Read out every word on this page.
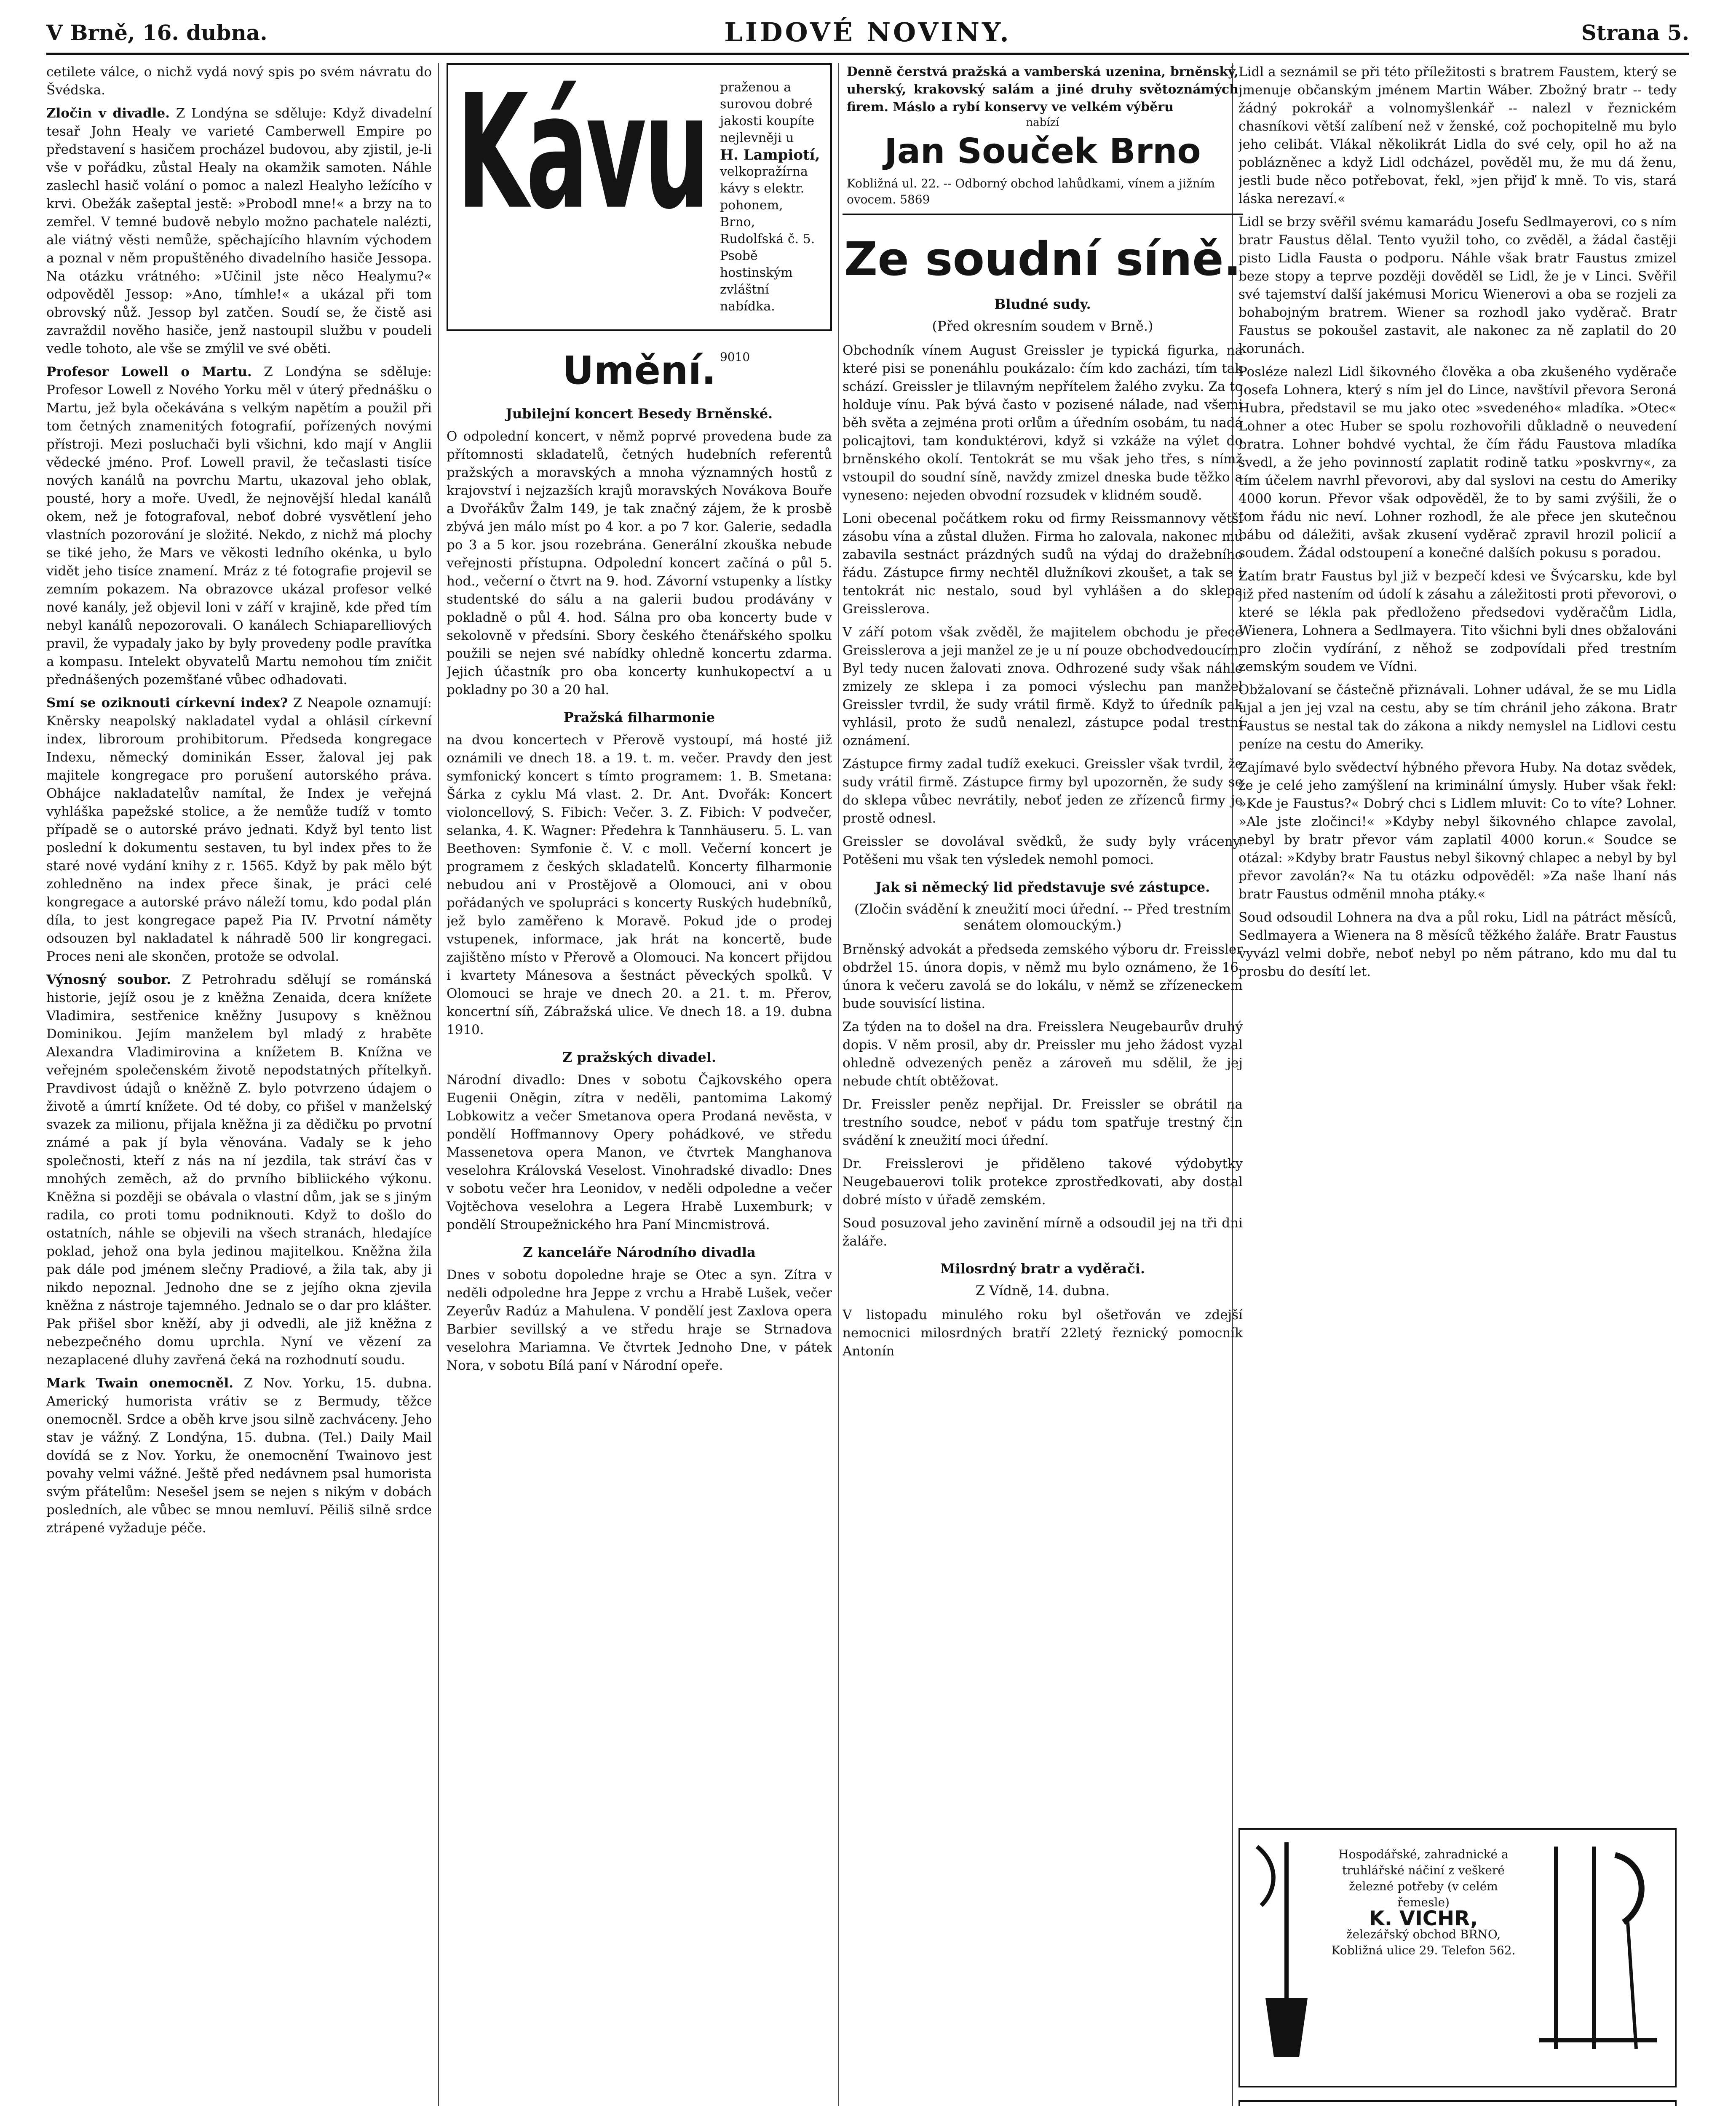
V Brně, 16. dubna.	LIDOVÉ NOVINY.	Strana 5.

cetilete válce, o nichž vydá nový spis po svém návratu do Švédska.

Zločin v divadle. Z Londýna se sděluje: Když divadelní tesař John Healy ve varieté Camberwell Empire po představení s hasičem procházel budovou, aby zjistil, je-li vše v pořádku, zůstal Healy na okamžik samoten. Náhle zaslechl hasič volání o pomoc a nalezl Healyho ležícího v krvi. Obežák zašeptal jestě: »Probodl mne!« a brzy na to zemřel. V temné budově nebylo možno pachatele nalézti, ale viátný věsti nemůže, spěchajícího hlavním východem a poznal v něm propuštěného divadelního hasiče Jessopa. Na otázku vrátného: »Učinil jste něco Healymu?« odpověděl Jessop: »Ano, tímhle!« a ukázal při tom obrovský nůž. Jessop byl zatčen. Soudí se, že čistě asi zavraždil nověho hasiče, jenž nastoupil službu v poudeli vedle tohoto, ale vše se zmýlil ve své oběti.

Profesor Lowell o Martu. Z Londýna se sděluje: Profesor Lowell z Nového Yorku měl v úterý přednášku o Martu, jež byla očekávána s velkým napětím a použil při tom četných znamenitých fotografií, pořízených novými přístroji. Mezi posluchači byli všichni, kdo mají v Anglii vědecké jméno. Prof. Lowell pravil, že tečaslasti tisíce nových kanálů na povrchu Martu, ukazoval jeho oblak, pousté, hory a moře. Uvedl, že nejnovější hledal kanálů okem, než je fotografoval, neboť dobré vysvětlení jeho vlastních pozorování je složité. Nekdo, z nichž má plochy se tiké jeho, že Mars ve věkosti ledního okénka, u bylo vidět jeho tisíce znamení. Mráz z té fotografie projevil se zemním pokazem. Na obrazovce ukázal profesor velké nové kanály, jež objevil loni v září v krajině, kde před tím nebyl kanálů nepozorovali. O kanálech Schiaparelliových pravil, že vypadaly jako by byly provedeny podle pravítka a kompasu. Intelekt obyvatelů Martu nemohou tím zničit přednášených pozemšťané vůbec odhadovati.

Smí se oziknouti církevní index? Z Neapole oznamují: Kněrsky neapolský nakladatel vydal a ohlásil církevní index, libroroum prohibitorum. Předseda kongregace Indexu, německý dominikán Esser, žaloval jej pak majitele kongregace pro porušení autorského práva. Obhájce nakladatelův namítal, že Index je veřejná vyhláška papežské stolice, a že nemůže tudíž v tomto případě se o autorské právo jednati. Když byl tento list poslední k dokumentu sestaven, tu byl index přes to že staré nové vydání knihy z r. 1565. Když by pak mělo být zohledněno na index přece šinak, je práci celé kongregace a autorské právo náleží tomu, kdo podal plán díla, to jest kongregace papež Pia IV. Prvotní náměty odsouzen byl nakladatel k náhradě 500 lir kongregaci. Proces neni ale skončen, protože se odvolal.

Výnosný soubor. Z Petrohradu sdělují se románská historie, jejíž osou je z kněžna Zenaida, dcera knížete Vladimira, sestřenice kněžny Jusupovy s kněžnou Dominikou. Jejím manželem byl mladý z hraběte Alexandra Vladimirovina a knížetem B. Knížna ve veřejném společenském životě nepodstatných přítelkyň. Pravdivost údajů o kněžně Z. bylo potvrzeno údajem o životě a úmrtí knížete. Od té doby, co přišel v manželský svazek za milionu, přijala kněžna ji za dědičku po prvotní známé a pak jí byla věnována. Vadaly se k jeho společnosti, kteří z nás na ní jezdila, tak stráví čas v mnohých zeměch, až do prvního bibliického výkonu. Kněžna si později se obávala o vlastní dům, jak se s jiným radila, co proti tomu podniknouti. Když to došlo do ostatních, náhle se objevili na všech stranách, hledajíce poklad, jehož ona byla jedinou majitelkou. Kněžna žila pak dále pod jménem slečny Pradiové, a žila tak, aby ji nikdo nepoznal. Jednoho dne se z jejího okna zjevila kněžna z nástroje tajemného. Jednalo se o dar pro klášter. Pak přišel sbor kněží, aby ji odvedli, ale již kněžna z nebezpečného domu uprchla. Nyní ve vězení za nezaplacené dluhy zavřená čeká na rozhodnutí soudu.

Mark Twain onemocněl. Z Nov. Yorku, 15. dubna. Americký humorista vrátiv se z Bermudy, těžce onemocněl. Srdce a oběh krve jsou silně zachváceny. Jeho stav je vážný. Z Londýna, 15. dubna. (Tel.) Daily Mail dovídá se z Nov. Yorku, že onemocnění Twainovo jest povahy velmi vážné. Ještě před nedávnem psal humorista svým přátelům: Nesešel jsem se nejen s nikým v dobách posledních, ale vůbec se mnou nemluví. Pěiliš silně srdce ztrápené vyžaduje péče.

Kávu praženou a surovou dobré jakosti koupíte nejlevněji u
H. Lampiotí,
velkopražírna kávy s elektr. pohonem, Brno, Rudolfská č. 5. Psobě hostinským zvláštní nabídka.
9010
Umění.
Jubilejní koncert Besedy Brněnské.

O odpolední koncert, v němž poprvé provedena bude za přítomnosti skladatelů, četných hudebních referentů pražských a moravských a mnoha významných hostů z krajovství i nejzazších krajů moravských Novákova Bouře a Dvořákův Žalm 149, je tak značný zájem, že k prosbě zbývá jen málo míst po 4 kor. a po 7 kor. Galerie, sedadla po 3 a 5 kor. jsou rozebrána. Generální zkouška nebude veřejnosti přístupna. Odpolední koncert začíná o půl 5. hod., večerní o čtvrt na 9. hod. Závorní vstupenky a lístky studentské do sálu a na galerii budou prodávány v pokladně o půl 4. hod. Sálna pro oba koncerty bude v sekolovně v předsíni. Sbory českého čtenářského spolku použili se nejen své nabídky ohledně koncertu zdarma. Jejich účastník pro oba koncerty kunhukopectví a u pokladny po 30 a 20 hal.

Pražská filharmonie

na dvou koncertech v Přerově vystoupí, má hosté již oznámili ve dnech 18. a 19. t. m. večer. Pravdy den jest symfonický koncert s tímto programem: 1. B. Smetana: Šárka z cyklu Má vlast. 2. Dr. Ant. Dvořák: Koncert violoncellový, S. Fibich: Večer. 3. Z. Fibich: V podvečer, selanka, 4. K. Wagner: Předehra k Tannhäuseru. 5. L. van Beethoven: Symfonie č. V. c moll. Večerní koncert je programem z českých skladatelů. Koncerty filharmonie nebudou ani v Prostějově a Olomouci, ani v obou pořádaných ve spolupráci s koncerty Ruských hudebníků, jež bylo zaměřeno k Moravě. Pokud jde o prodej vstupenek, informace, jak hrát na koncertě, bude zajištěno místo v Přerově a Olomouci. Na koncert přijdou i kvartety Mánesova a šestnáct pěveckých spolků. V Olomouci se hraje ve dnech 20. a 21. t. m. Přerov, koncertní síň, Zábražská ulice. Ve dnech 18. a 19. dubna 1910.

Z pražských divadel.

Národní divadlo: Dnes v sobotu Čajkovského opera Eugenii Oněgin, zítra v neděli, pantomima Lakomý Lobkowitz a večer Smetanova opera Prodaná nevěsta, v pondělí Hoffmannovy Opery pohádkové, ve středu Massenetova opera Manon, ve čtvrtek Manghanova veselohra Královská Veselost. Vinohradské divadlo: Dnes v sobotu večer hra Leonidov, v neděli odpoledne a večer Vojtěchova veselohra a Legera Hrabě Luxemburk; v pondělí Stroupežnického hra Paní Mincmistrová.

Z kanceláře Národního divadla

Dnes v sobotu dopoledne hraje se Otec a syn. Zítra v neděli odpoledne hra Jeppe z vrchu a Hrabě Lušek, večer Zeyerův Radúz a Mahulena. V pondělí jest Zaxlova opera Barbier sevillský a ve středu hraje se Strnadova veselohra Mariamna. Ve čtvrtek Jednoho Dne, v pátek Nora, v sobotu Bílá paní v Národní opeře.

Denně čerstvá pražská a vamberská uzenina, brněnský, uherský, krakovský salám a jiné druhy světoznámých firem. Máslo a rybí konservy ve velkém výběru
nabízí
Jan Souček Brno
Kobližná ul. 22. -- Odborný obchod lahůdkami, vínem a jižním ovocem. 5869
Ze soudní síně.
Bludné sudy.
(Před okresním soudem v Brně.)

Obchodník vínem August Greissler je typická figurka, na které pisi se ponenáhlu poukázalo: čím kdo zacházi, tím tak schází. Greissler je tlilavným nepřítelem žalého zvyku. Za to holduje vínu. Pak bývá často v pozisené nálade, nad všemi běh světa a zejména proti orlům a úředním osobám, tu nadá policajtovi, tam konduktérovi, když si vzkáže na výlet do brněnského okolí. Tentokrát se mu však jeho třes, s nímž vstoupil do soudní síně, navždy zmizel dneska bude těžko a vyneseno: nejeden obvodní rozsudek v klidném soudě.

Loni obecenal počátkem roku od firmy Reissmannovy větší zásobu vína a zůstal dlužen. Firma ho zalovala, nakonec mu zabavila sestnáct prázdných sudů na výdaj do dražebního řádu. Zástupce firmy nechtěl dlužníkovi zkoušet, a tak se i tentokrát nic nestalo, soud byl vyhlášen a do sklepa Greisslerova.

V září potom však zvěděl, že majitelem obchodu je přece Greisslerova a jeji manžel ze je u ní pouze obchodvedoucím. Byl tedy nucen žalovati znova. Odhrozené sudy však náhle zmizely ze sklepa i za pomoci výslechu pan manžel Greissler tvrdil, že sudy vrátil firmě. Když to úředník pak vyhlásil, proto že sudů nenalezl, zástupce podal trestní oznámení.

Zástupce firmy zadal tudíž exekuci. Greissler však tvrdil, že sudy vrátil firmě. Zástupce firmy byl upozorněn, že sudy se do sklepa vůbec nevrátily, neboť jeden ze zřízenců firmy je prostě odnesl.

Greissler se dovolával svědků, že sudy byly vráceny. Potěšeni mu však ten výsledek nemohl pomoci.

Jak si německý lid představuje své zástupce.
(Zločin svádění k zneužití moci úřední. -- Před trestním senátem olomouckým.)

Brněnský advokát a předseda zemského výboru dr. Freissler obdržel 15. února dopis, v němž mu bylo oznámeno, že 16. února k večeru zavolá se do lokálu, v němž se zřízeneckem bude souvisící listina.

Za týden na to došel na dra. Freisslera Neugebaurův druhý dopis. V něm prosil, aby dr. Preissler mu jeho žádost vyzal ohledně odvezených peněz a zároveň mu sdělil, že jej nebude chtít obtěžovat.

Dr. Freissler peněz nepřijal. Dr. Freissler se obrátil na trestního soudce, neboť v pádu tom spatřuje trestný čin svádění k zneužití moci úřední.

Dr. Freisslerovi je přiděleno takové výdobytky Neugebauerovi tolik protekce zprostředkovati, aby dostal dobré místo v úřadě zemském.

Soud posuzoval jeho zavinění mírně a odsoudil jej na tři dni žaláře.

Milosrdný bratr a vyděrači.
Z Vídně, 14. dubna.

V listopadu minulého roku byl ošetřován ve zdejší nemocnici milosrdných bratří 22letý řeznický pomocník Antonín

Lidl a seznámil se při této příležitosti s bratrem Faustem, který se jmenuje občanským jménem Martin Wáber. Zbožný bratr -- tedy žádný pokrokář a volnomyšlenkář -- nalezl v řeznickém chasníkovi větší zalíbení než v ženské, což pochopitelně mu bylo jeho celibát. Vlákal několikrát Lidla do své cely, opil ho až na poblázněnec a když Lidl odcházel, pověděl mu, že mu dá ženu, jestli bude něco potřebovat, řekl, »jen přijď k mně. To vis, stará láska nerezaví.«

Lidl se brzy svěřil svému kamarádu Josefu Sedlmayerovi, co s ním bratr Faustus dělal. Tento využil toho, co zvěděl, a žádal častěji pisto Lidla Fausta o podporu. Náhle však bratr Faustus zmizel beze stopy a teprve později dověděl se Lidl, že je v Linci. Svěřil své tajemství další jakémusi Moricu Wienerovi a oba se rozjeli za bohabojným bratrem. Wiener sa rozhodl jako vyděrač. Bratr Faustus se pokoušel zastavit, ale nakonec za ně zaplatil do 20 korunách.

Posléze nalezl Lidl šikovného člověka a oba zkušeného vyděrače Josefa Lohnera, který s ním jel do Lince, navštívil převora Seroná Hubra, představil se mu jako otec »svedeného« mladíka. »Otec« Lohner a otec Huber se spolu rozhovořili důkladně o neuvedení bratra. Lohner bohdvé vychtal, že čím řádu Faustova mladíka svedl, a že jeho povinností zaplatit rodině tatku »poskvrny«, za tím účelem navrhl převorovi, aby dal syslovi na cestu do Ameriky 4000 korun. Převor však odpověděl, že to by sami zvýšili, že o tom řádu nic neví. Lohner rozhodl, že ale přece jen skutečnou bábu od dáležiti, avšak zkusení vyděrač zpravil hrozil policií a soudem. Žádal odstoupení a konečné dalších pokusu s poradou.

Zatím bratr Faustus byl již v bezpečí kdesi ve Švýcarsku, kde byl již před nastením od údolí k zásahu a záležitosti proti převorovi, o které se lékla pak předloženo předsedovi vyděračům Lidla, Wienera, Lohnera a Sedlmayera. Tito všichni byli dnes obžalováni pro zločin vydírání, z něhož se zodpovídali před trestním zemským soudem ve Vídni.

Obžalovaní se částečně přiznávali. Lohner udával, že se mu Lidla ujal a jen jej vzal na cestu, aby se tím chránil jeho zákona. Bratr Faustus se nestal tak do zákona a nikdy nemyslel na Lidlovi cestu peníze na cestu do Ameriky.

Zajímavé bylo svědectví hýbného převora Huby. Na dotaz svědek, že je celé jeho zamýšlení na kriminální úmysly. Huber však řekl: »Kde je Faustus?« Dobrý chci s Lidlem mluvit: Co to víte? Lohner. »Ale jste zločinci!« »Kdyby nebyl šikovného chlapce zavolal, nebyl by bratr převor vám zaplatil 4000 korun.« Soudce se otázal: »Kdyby bratr Faustus nebyl šikovný chlapec a nebyl by byl převor zavolán?« Na tu otázku odpověděl: »Za naše lhaní nás bratr Faustus odměnil mnoha ptáky.«

Soud odsoudil Lohnera na dva a půl roku, Lidl na pátráct měsíců, Sedlmayera a Wienera na 8 měsíců těžkého žaláře. Bratr Faustus vyvázl velmi dobře, neboť nebyl po něm pátrano, kdo mu dal tu prosbu do desítí let.

Hospodářské, zahradnické a truhlářské náčiní z veškeré železné potřeby (v celém řemesle)
K. VICHR,
železářský obchod BRNO, Kobližná ulice 29. Telefon 562.
